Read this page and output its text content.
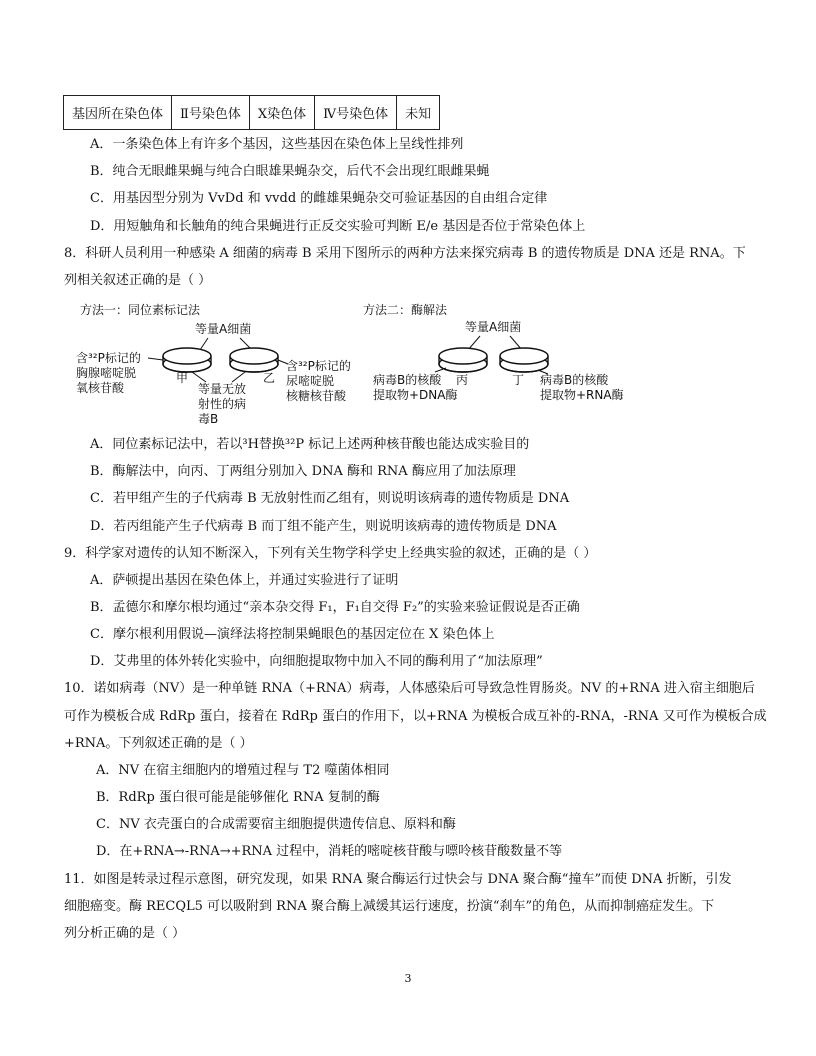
基因所在染色体	Ⅱ号染色体	X染色体	Ⅳ号染色体	未知
A．一条染色体上有许多个基因，这些基因在染色体上呈线性排列
B．纯合无眼雌果蝇与纯合白眼雄果蝇杂交，后代不会出现红眼雌果蝇
C．用基因型分别为 VvDd 和 vvdd 的雌雄果蝇杂交可验证基因的自由组合定律
D．用短触角和长触角的纯合果蝇进行正反交实验可判断 E/e 基因是否位于常染色体上
8．科研人员利用一种感染 A 细菌的病毒 B 采用下图所示的两种方法来探究病毒 B 的遗传物质是 DNA 还是 RNA。下
列相关叙述正确的是（ ）
方法一：同位素标记法	方法二：酶解法
等量A细菌
甲	乙
含³²P标记的
胸腺嘧啶脱
氧核苷酸
含³²P标记的
尿嘧啶脱
核糖核苷酸
等量无放
射性的病
毒B
等量A细菌
丙	丁
病毒B的核酸
提取物+DNA酶
病毒B的核酸
提取物+RNA酶
A．同位素标记法中，若以³H替换³²P 标记上述两种核苷酸也能达成实验目的
B．酶解法中，向丙、丁两组分别加入 DNA 酶和 RNA 酶应用了加法原理
C．若甲组产生的子代病毒 B 无放射性而乙组有，则说明该病毒的遗传物质是 DNA
D．若丙组能产生子代病毒 B 而丁组不能产生，则说明该病毒的遗传物质是 DNA
9．科学家对遗传的认知不断深入，下列有关生物学科学史上经典实验的叙述，正确的是（ ）
A．萨顿提出基因在染色体上，并通过实验进行了证明
B．孟德尔和摩尔根均通过“亲本杂交得 F₁，F₁自交得 F₂”的实验来验证假说是否正确
C．摩尔根利用假说—演绎法将控制果蝇眼色的基因定位在 X 染色体上
D．艾弗里的体外转化实验中，向细胞提取物中加入不同的酶利用了“加法原理”
10．诺如病毒（NV）是一种单链 RNA（+RNA）病毒，人体感染后可导致急性胃肠炎。NV 的+RNA 进入宿主细胞后
可作为模板合成 RdRp 蛋白，接着在 RdRp 蛋白的作用下，以+RNA 为模板合成互补的-RNA，-RNA 又可作为模板合成
+RNA。下列叙述正确的是（ ）
A．NV 在宿主细胞内的增殖过程与 T2 噬菌体相同
B．RdRp 蛋白很可能是能够催化 RNA 复制的酶
C．NV 衣壳蛋白的合成需要宿主细胞提供遗传信息、原料和酶
D．在+RNA→-RNA→+RNA 过程中，消耗的嘧啶核苷酸与嘌呤核苷酸数量不等
11．如图是转录过程示意图，研究发现，如果 RNA 聚合酶运行过快会与 DNA 聚合酶“撞车”而使 DNA 折断，引发
细胞癌变。酶 RECQL5 可以吸附到 RNA 聚合酶上减缓其运行速度，扮演“刹车”的角色，从而抑制癌症发生。下
列分析正确的是（ ）
3
